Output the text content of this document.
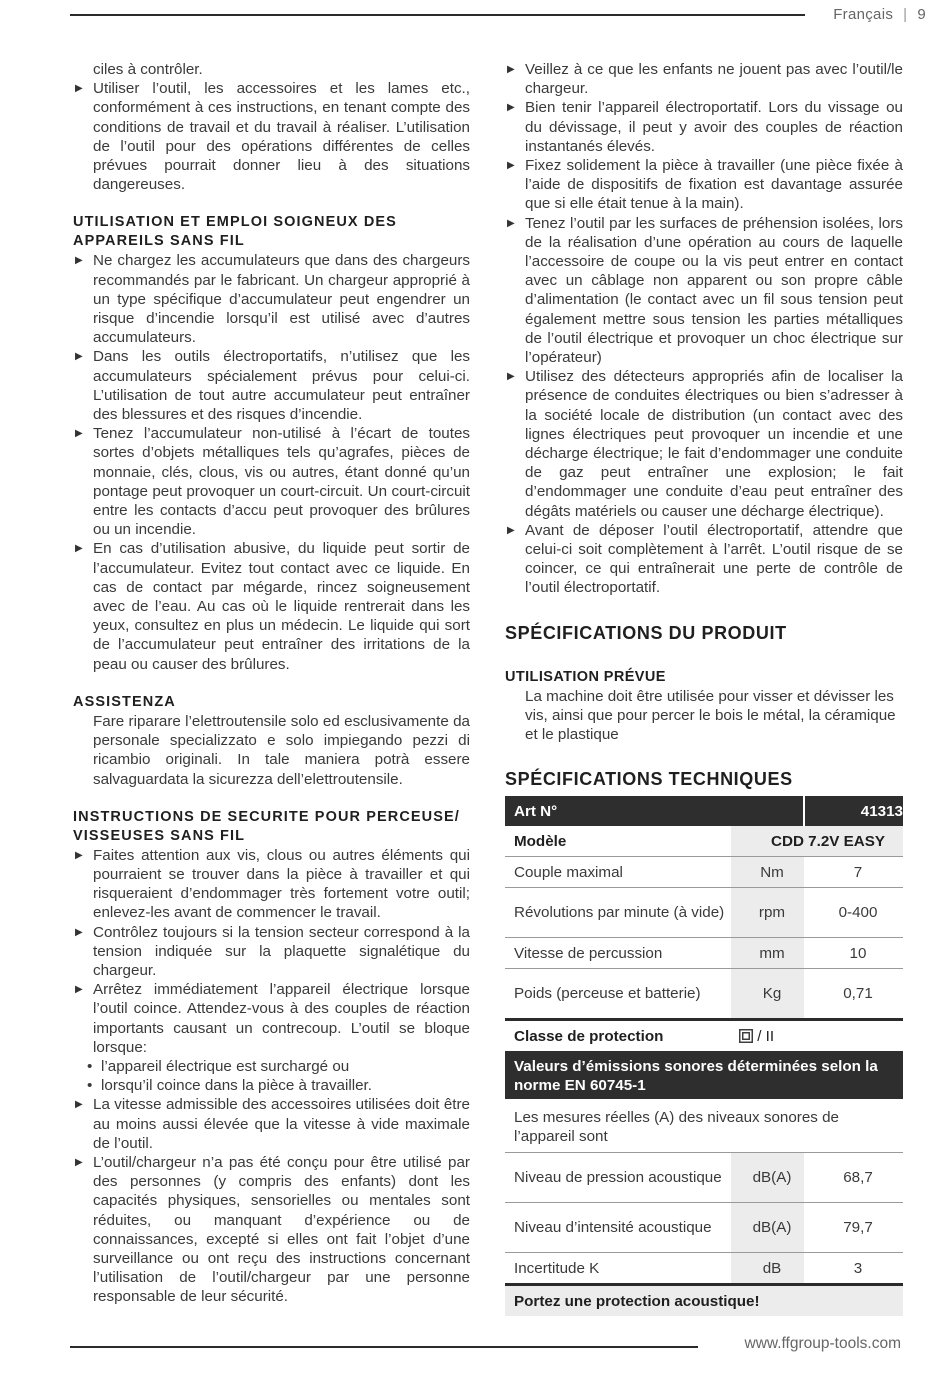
Français | 9

ciles à contrôler.

▶ Utiliser l’outil, les accessoires et les lames etc., conformément à ces instructions, en tenant compte des conditions de travail et du travail à réaliser. L’utilisation de l’outil pour des opérations différentes de celles prévues pourrait donner lieu à des situations dangereuses.
UTILISATION ET EMPLOI SOIGNEUX DES APPAREILS SANS FIL
▶ Ne chargez les accumulateurs que dans des chargeurs recommandés par le fabricant. Un chargeur approprié à un type spécifique d’accumulateur peut engendrer un risque d’incendie lorsqu’il est utilisé avec d’autres accumulateurs.
▶ Dans les outils électroportatifs, n’utilisez que les accumulateurs spécialement prévus pour celui-ci. L’utilisation de tout autre accumulateur peut entraîner des blessures et des risques d’incendie.
▶ Tenez l’accumulateur non-utilisé à l’écart de toutes sortes d’objets métalliques tels qu’agrafes, pièces de monnaie, clés, clous, vis ou autres, étant donné qu’un pontage peut provoquer un court-circuit. Un court-circuit entre les contacts d’accu peut provoquer des brûlures ou un incendie.
▶ En cas d’utilisation abusive, du liquide peut sortir de l’accumulateur. Evitez tout contact avec ce liquide. En cas de contact par mégarde, rincez soigneusement avec de l’eau. Au cas où le liquide rentrerait dans les yeux, consultez en plus un médecin. Le liquide qui sort de l’accumulateur peut entraîner des irritations de la peau ou causer des brûlures.
ASSISTENZA

Fare riparare l’elettroutensile solo ed esclusivamente da personale specializzato e solo impiegando pezzi di ricambio originali. In tale maniera potrà essere salvaguardata la sicurezza dell’elettroutensile.

INSTRUCTIONS DE SECURITE POUR PERCEUSE/ VISSEUSES SANS FIL
▶ Faites attention aux vis, clous ou autres éléments qui pourraient se trouver dans la pièce à travailler et qui risqueraient d’endommager très fortement votre outil; enlevez-les avant de commencer le travail.
▶ Contrôlez toujours si la tension secteur correspond à la tension indiquée sur la plaquette signalétique du chargeur.
▶ Arrêtez immédiatement l’appareil électrique lorsque l’outil coince. Attendez-vous à des couples de réaction importants causant un contrecoup. L’outil se bloque lorsque:
• l’appareil électrique est surchargé ou
• lorsqu’il coince dans la pièce à travailler.
▶ La vitesse admissible des accessoires utilisées doit être au moins aussi élevée que la vitesse à vide maximale de l’outil.
▶ L’outil/chargeur n’a pas été conçu pour être utilisé par des personnes (y compris des enfants) dont les capacités physiques, sensorielles ou mentales sont réduites, ou manquant d’expérience ou de connaissances, excepté si elles ont fait l’objet d’une surveillance ou ont reçu des instructions concernant l’utilisation de l’outil/chargeur par une personne responsable de leur sécurité.
▶ Veillez à ce que les enfants ne jouent pas avec l’outil/le chargeur.
▶ Bien tenir l’appareil électroportatif. Lors du vissage ou du dévissage, il peut y avoir des couples de réaction instantanés élevés.
▶ Fixez solidement la pièce à travailler (une pièce fixée à l’aide de dispositifs de fixation est davantage assurée que si elle était tenue à la main).
▶ Tenez l’outil par les surfaces de préhension isolées, lors de la réalisation d’une opération au cours de laquelle l’accessoire de coupe ou la vis peut entrer en contact avec un câblage non apparent ou son propre câble d’alimentation (le contact avec un fil sous tension peut également mettre sous tension les parties métalliques de l’outil électrique et provoquer un choc électrique sur l’opérateur)
▶ Utilisez des détecteurs appropriés afin de localiser la présence de conduites électriques ou bien s’adresser à la société locale de distribution (un contact avec des lignes électriques peut provoquer un incendie et une décharge électrique; le fait d’endommager une conduite de gaz peut entraîner une explosion; le fait d’endommager une conduite d’eau peut entraîner des dégâts matériels ou causer une décharge électrique).
▶ Avant de déposer l’outil électroportatif, attendre que celui-ci soit complètement à l’arrêt. L’outil risque de se coincer, ce qui entraînerait une perte de contrôle de l’outil électroportatif.
SPÉCIFICATIONS DU PRODUIT
UTILISATION PRÉVUE

La machine doit être utilisée pour visser et dévisser les vis, ainsi que pour percer le bois le métal, la céramique et le plastique

SPÉCIFICATIONS TECHNIQUES
Art N°		41313
Modèle	CDD 7.2V EASY	
Couple maximal	Nm	7
Révolutions par minute (à vide)	rpm	0-400
Vitesse de percussion	mm	10
Poids (perceuse et batterie)	Kg	0,71
Classe de protection	/ II	
Valeurs d’émissions sonores déterminées selon la norme EN 60745-1		
Les mesures réelles (A) des niveaux sonores de l’appareil sont		
Niveau de pression acoustique	dB(A)	68,7
Niveau d’intensité acoustique	dB(A)	79,7
Incertitude K	dB	3
Portez une protection acoustique!		
www.ffgroup-tools.com
